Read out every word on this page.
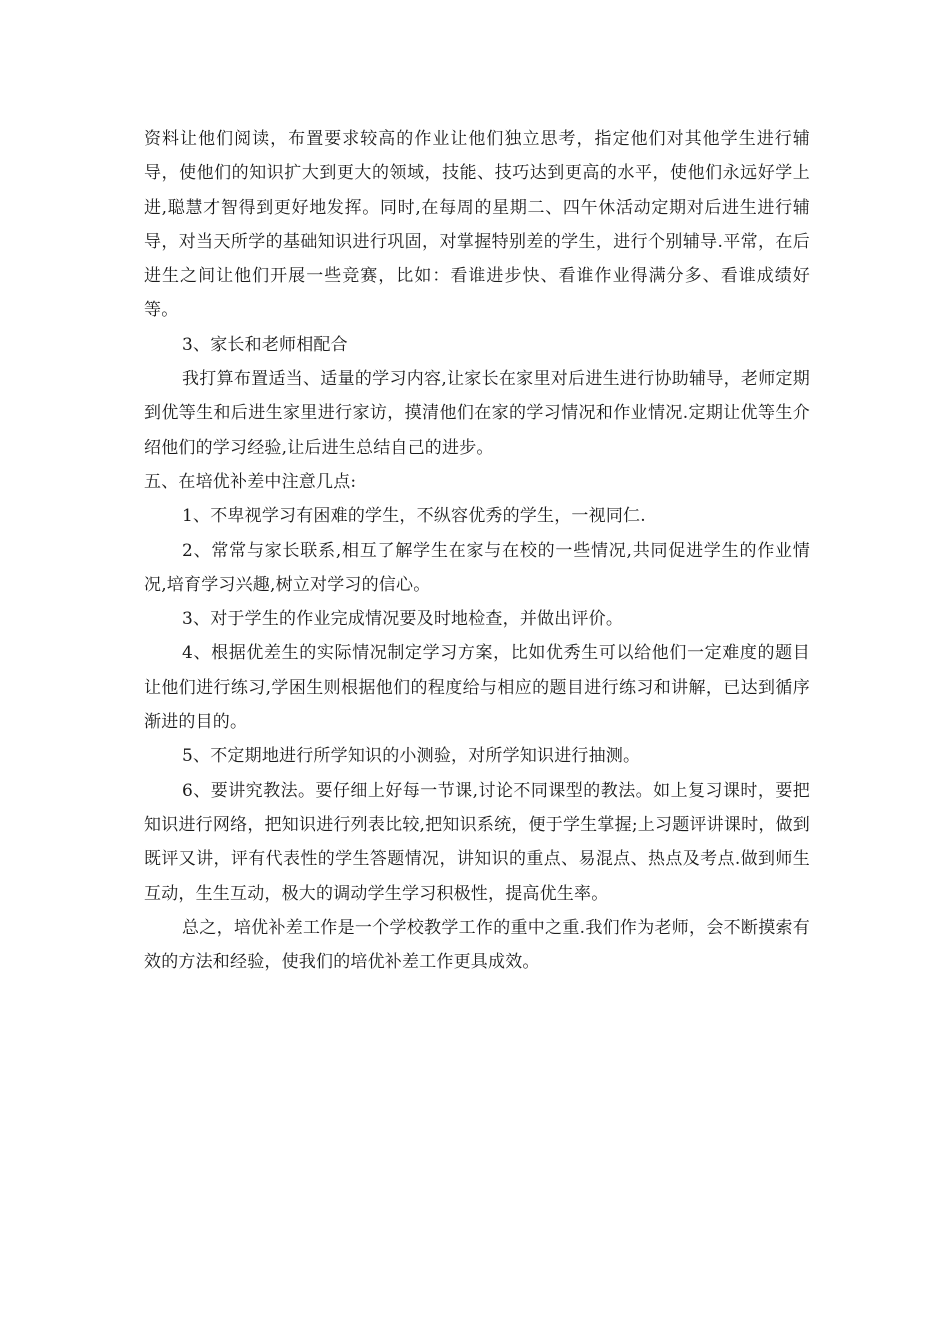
资料让他们阅读，布置要求较高的作业让他们独立思考，指定他们对其他学生进行辅导，使他们的知识扩大到更大的领域，技能、技巧达到更高的水平，使他们永远好学上进,聪慧才智得到更好地发挥。同时,在每周的星期二、四午休活动定期对后进生进行辅导，对当天所学的基础知识进行巩固，对掌握特别差的学生，进行个别辅导.平常，在后进生之间让他们开展一些竞赛，比如：看谁进步快、看谁作业得满分多、看谁成绩好等。

3、家长和老师相配合

我打算布置适当、适量的学习内容,让家长在家里对后进生进行协助辅导，老师定期到优等生和后进生家里进行家访，摸清他们在家的学习情况和作业情况.定期让优等生介绍他们的学习经验,让后进生总结自己的进步。

五、在培优补差中注意几点:

1、不卑视学习有困难的学生，不纵容优秀的学生，一视同仁.

2、常常与家长联系,相互了解学生在家与在校的一些情况,共同促进学生的作业情况,培育学习兴趣,树立对学习的信心。

3、对于学生的作业完成情况要及时地检查，并做出评价。

4、根据优差生的实际情况制定学习方案，比如优秀生可以给他们一定难度的题目让他们进行练习,学困生则根据他们的程度给与相应的题目进行练习和讲解，已达到循序渐进的目的。

5、不定期地进行所学知识的小测验，对所学知识进行抽测。

6、要讲究教法。要仔细上好每一节课,讨论不同课型的教法。如上复习课时，要把知识进行网络，把知识进行列表比较,把知识系统，便于学生掌握;上习题评讲课时，做到既评又讲，评有代表性的学生答题情况，讲知识的重点、易混点、热点及考点.做到师生互动，生生互动，极大的调动学生学习积极性，提高优生率。

总之，培优补差工作是一个学校教学工作的重中之重.我们作为老师，会不断摸索有效的方法和经验，使我们的培优补差工作更具成效。
